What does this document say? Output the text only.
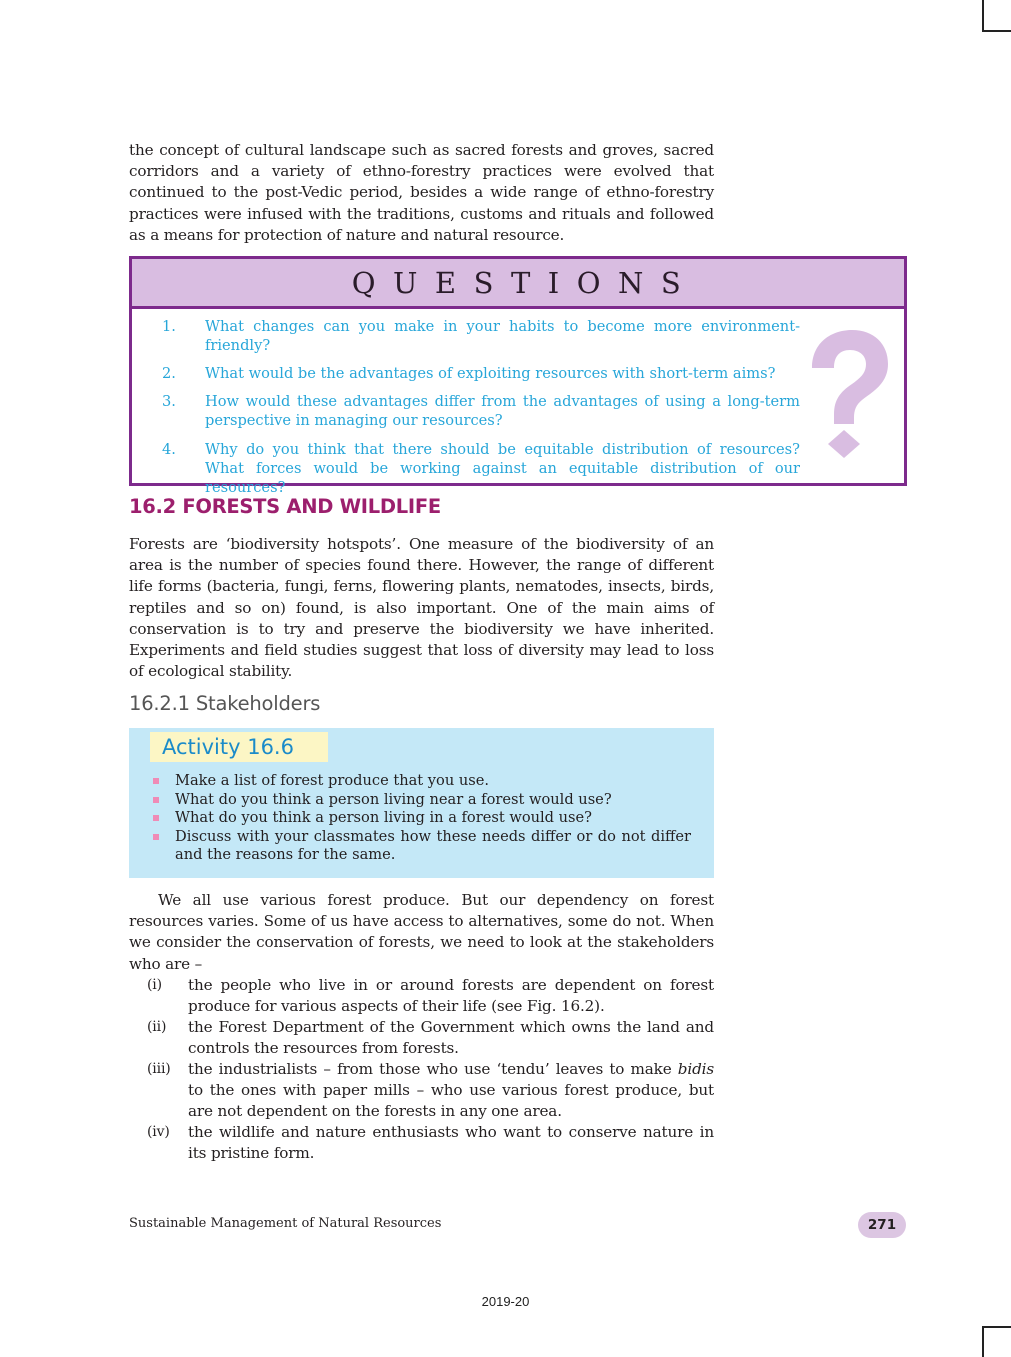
the concept of cultural landscape such as sacred forests and groves, sacred corridors and a variety of ethno-forestry practices were evolved that continued to the post-Vedic period, besides a wide range of ethno-forestry practices were infused with the traditions, customs and rituals and followed as a means for protection of nature and natural resource.

QUESTIONS
1. What changes can you make in your habits to become more environment-friendly?
2. What would be the advantages of exploiting resources with short-term aims?
3. How would these advantages differ from the advantages of using a long-term perspective in managing our resources?
4. Why do you think that there should be equitable distribution of resources? What forces would be working against an equitable distribution of our resources?
16.2 FORESTS AND WILDLIFE

Forests are ‘biodiversity hotspots’. One measure of the biodiversity of an area is the number of species found there. However, the range of different life forms (bacteria, fungi, ferns, flowering plants, nematodes, insects, birds, reptiles and so on) found, is also important. One of the main aims of conservation is to try and preserve the biodiversity we have inherited. Experiments and field studies suggest that loss of diversity may lead to loss of ecological stability.

16.2.1 Stakeholders
Activity 16.6
Make a list of forest produce that you use.
What do you think a person living near a forest would use?
What do you think a person living in a forest would use?
Discuss with your classmates how these needs differ or do not differ and the reasons for the same.

We all use various forest produce. But our dependency on forest resources varies. Some of us have access to alternatives, some do not. When we consider the conservation of forests, we need to look at the stakeholders who are –

(i)	the people who live in or around forests are dependent on forest produce for various aspects of their life (see Fig. 16.2).
(ii)	the Forest Department of the Government which owns the land and controls the resources from forests.
(iii)	the industrialists – from those who use ‘tendu’ leaves to make bidis to the ones with paper mills – who use various forest produce, but are not dependent on the forests in any one area.
(iv)	the wildlife and nature enthusiasts who want to conserve nature in its pristine form.

Sustainable Management of Natural Resources	271
2019-20
